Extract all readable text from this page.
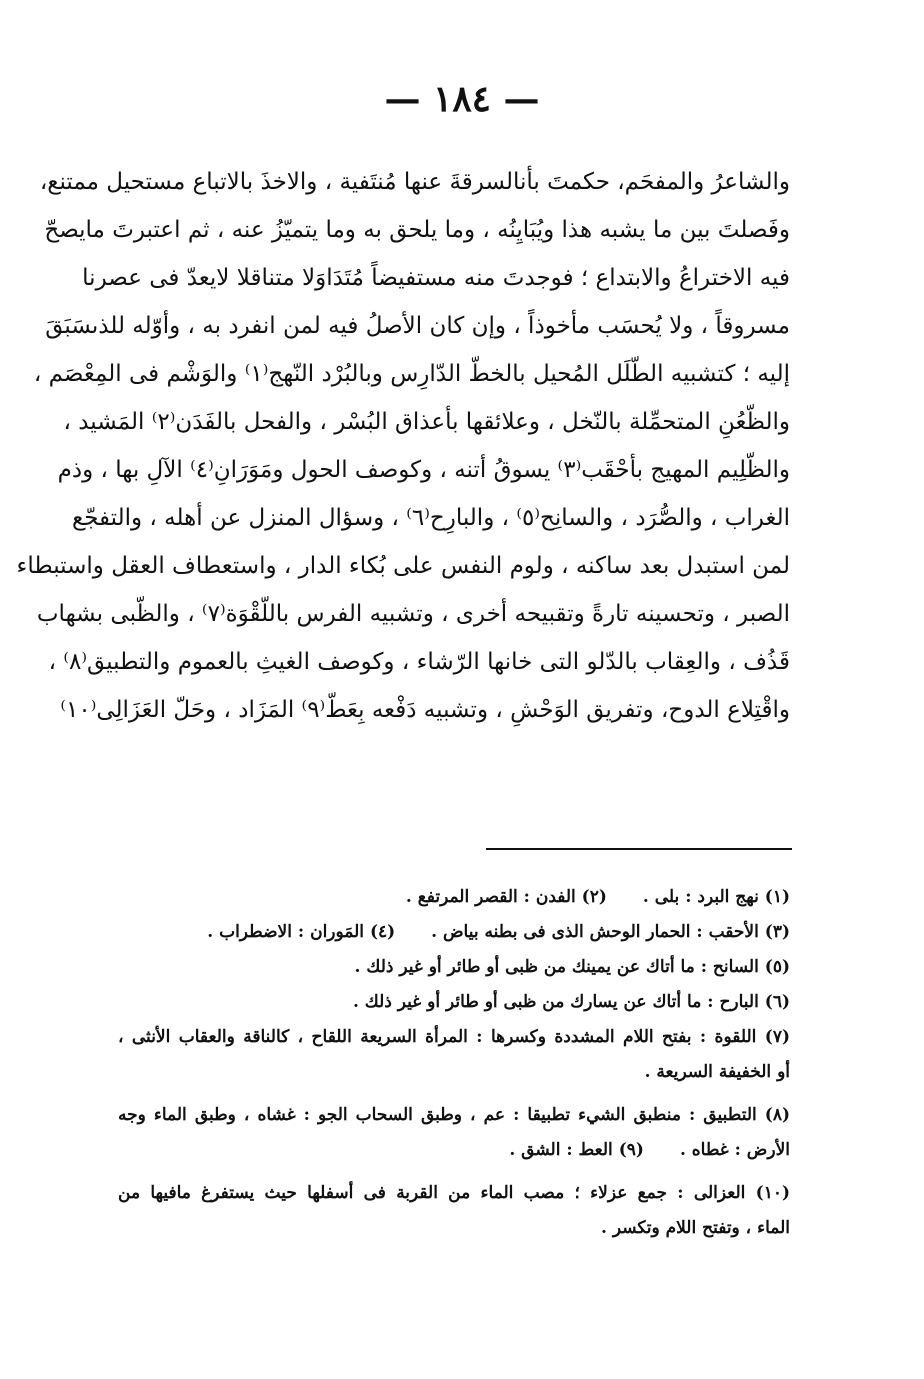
— ١٨٤ —
والشاعرُ والمفحَم، حكمتَ بأنالسرقةَ عنها مُنتَفية ، والاخذَ بالاتباع مستحيل ممتنع،
وفَصلتَ بين ما يشبه هذا ويُبَايِنُه ، وما يلحق به وما يتميّزُ عنه ، ثم اعتبرتَ مايصحّ
فيه الاختراعُ والابتداع ؛ فوجدتَ منه مستفيضاً مُتَدَاوَلا متناقلا لايعدّ فى عصرنا
مسروقاً ، ولا يُحسَب مأخوذاً ، وإن كان الأصلُ فيه لمن انفرد به ، وأوّله للذىسَبَقَ
إليه ؛ كتشبيه الطّلَل المُحيل بالخطّ الدّارِس وبالبُرْد النّهج⁽١⁾ والوَشْم فى المِعْصَم ،
والظّعُنِ المتحمِّلة بالنّخل ، وعلائقها بأعذاق البُسْر ، والفحل بالفَدَن⁽٢⁾ المَشيد ،
والظّلِيم المهيج بأحْقَب⁽٣⁾ يسوقُ أتنه ، وكوصف الحول ومَوَرَانِ⁽٤⁾ الآلِ بها ، وذم
الغراب ، والصُّرَد ، والسانِح⁽٥⁾ ، والبارِح⁽٦⁾ ، وسؤال المنزل عن أهله ، والتفجّع
لمن استبدل بعد ساكنه ، ولوم النفس على بُكاء الدار ، واستعطاف العقل واستبطاء
الصبر ، وتحسينه تارةً وتقبيحه أخرى ، وتشبيه الفرس باللّقْوَة⁽٧⁾ ، والظّبى بشهاب
قَذُف ، والعِقاب بالدّلو التى خانها الرّشاء ، وكوصف الغيثِ بالعموم والتطبيق⁽٨⁾ ،
واقْتِلاع الدوح، وتفريق الوَحْشِ ، وتشبيه دَفْعه بِعَطّ⁽٩⁾ المَزَاد ، وحَلّ العَزَالِى⁽١٠⁾
(١) نهج البرد : بلى .
(٢) الفدن : القصر المرتفع .
(٣) الأحقب : الحمار الوحش الذى فى بطنه بياض .
(٤) المَوران : الاضطراب .
(٥) السانح : ما أتاك عن يمينك من ظبى أو طائر أو غير ذلك .
(٦) البارح : ما أتاك عن يسارك من ظبى أو طائر أو غير ذلك .
(٧) اللقوة : بفتح اللام المشددة وكسرها : المرأة السريعة اللقاح ، كالناقة والعقاب الأنثى ،
أو الخفيفة السريعة .
(٨) التطبيق : منطبق الشيء تطبيقا : عم ، وطبق السحاب الجو : غشاه ، وطبق الماء وجه
الأرض : غطاه .
(٩) العط : الشق .
(١٠) العزالى : جمع عزلاء ؛ مصب الماء من القربة فى أسفلها حيث يستفرغ مافيها من
الماء ، وتفتح اللام وتكسر .
